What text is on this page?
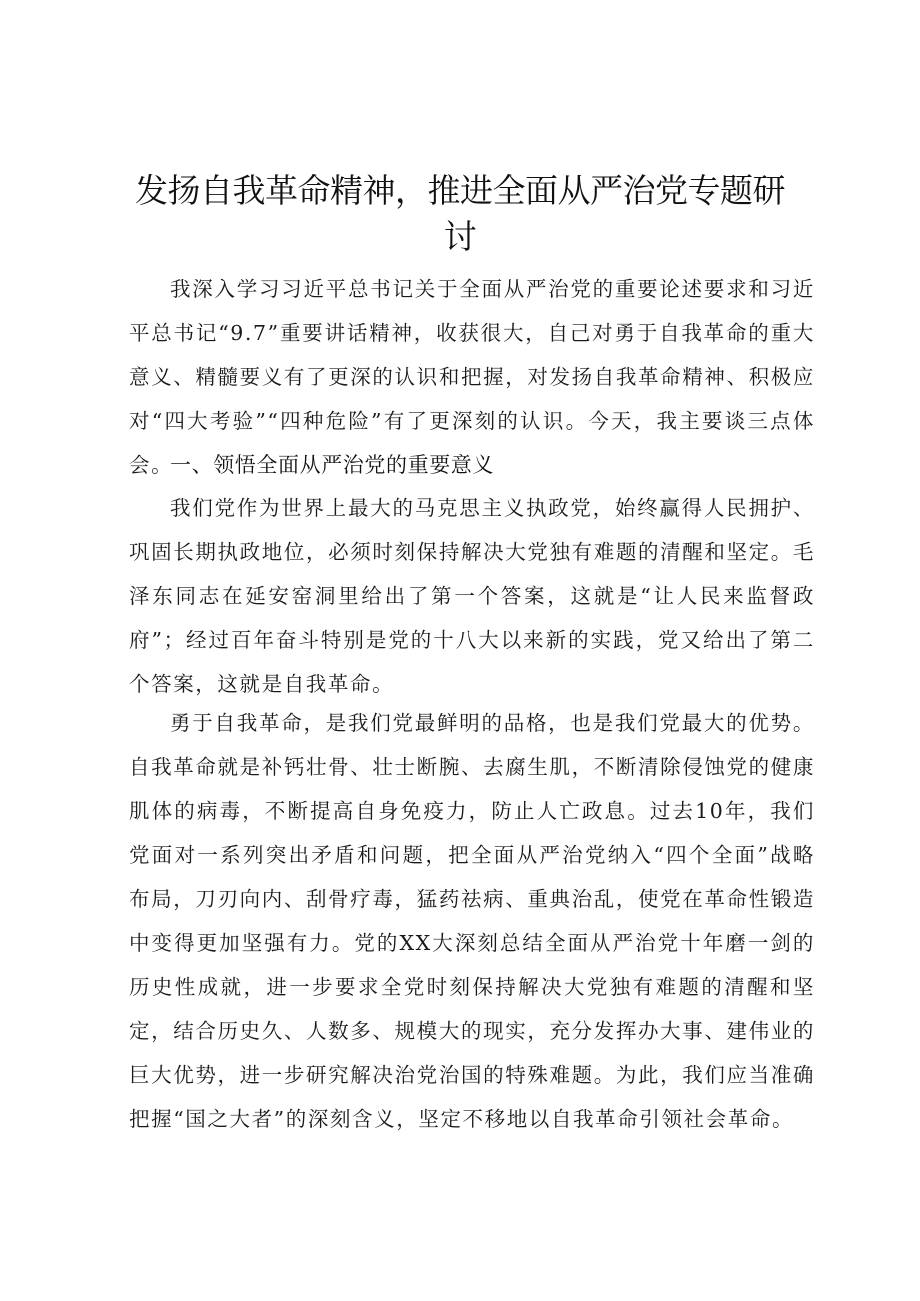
发扬自我革命精神，推进全面从严治党专题研讨

我深入学习习近平总书记关于全面从严治党的重要论述要求和习近平总书记“9.7”重要讲话精神，收获很大，自己对勇于自我革命的重大意义、精髓要义有了更深的认识和把握，对发扬自我革命精神、积极应对“四大考验”“四种危险”有了更深刻的认识。今天，我主要谈三点体会。

一、领悟全面从严治党的重要意义

我们党作为世界上最大的马克思主义执政党，始终赢得人民拥护、巩固长期执政地位，必须时刻保持解决大党独有难题的清醒和坚定。毛泽东同志在延安窑洞里给出了第一个答案，这就是“让人民来监督政府”；经过百年奋斗特别是党的十八大以来新的实践，党又给出了第二个答案，这就是自我革命。

勇于自我革命，是我们党最鲜明的品格，也是我们党最大的优势。自我革命就是补钙壮骨、壮士断腕、去腐生肌，不断清除侵蚀党的健康肌体的病毒，不断提高自身免疫力，防止人亡政息。过去10年，我们党面对一系列突出矛盾和问题，把全面从严治党纳入“四个全面”战略布局，刀刃向内、刮骨疗毒，猛药祛病、重典治乱，使党在革命性锻造中变得更加坚强有力。党的XX大深刻总结全面从严治党十年磨一剑的历史性成就，进一步要求全党时刻保持解决大党独有难题的清醒和坚定，结合历史久、人数多、规模大的现实，充分发挥办大事、建伟业的巨大优势，进一步研究解决治党治国的特殊难题。为此，我们应当准确把握“国之大者”的深刻含义，坚定不移地以自我革命引领社会革命。
